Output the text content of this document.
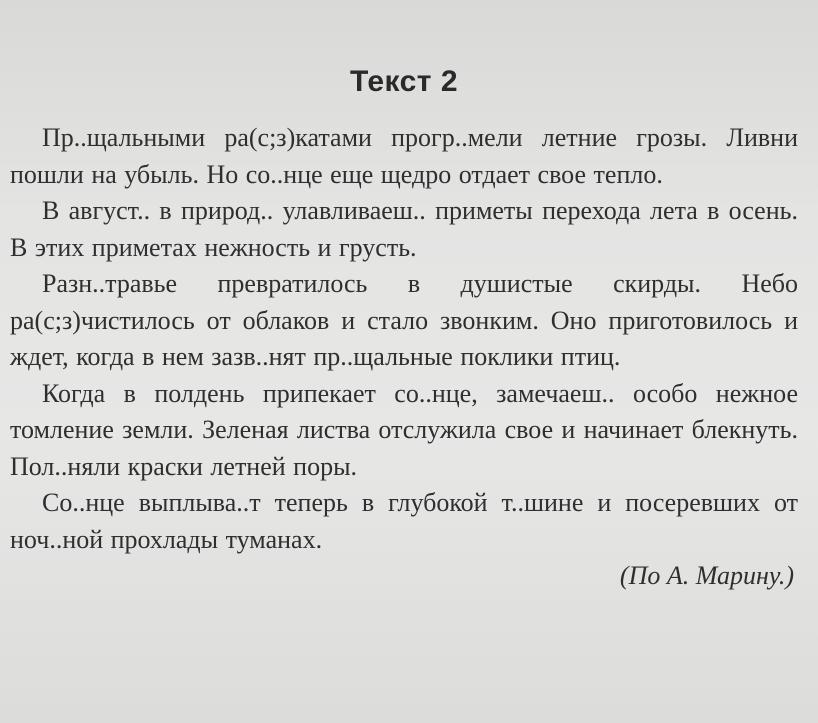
Текст 2

Пр..щальными ра(с;з)катами прогр..мели летние грозы. Ливни пошли на убыль. Но со..нце еще щедро отдает свое тепло.

В август.. в природ.. улавливаеш.. приметы перехода лета в осень. В этих приметах нежность и грусть.

Разн..травье превратилось в душистые скирды. Небо ра(с;з)чистилось от облаков и стало звонким. Оно приготовилось и ждет, когда в нем зазв..нят пр..щальные поклики птиц.

Когда в полдень припекает со..нце, замечаеш.. особо нежное томление земли. Зеленая листва отслужила свое и начинает блекнуть. Пол..няли краски летней поры.

Со..нце выплыва..т теперь в глубокой т..шине и посеревших от ноч..ной прохлады туманах.

(По А. Марину.)
